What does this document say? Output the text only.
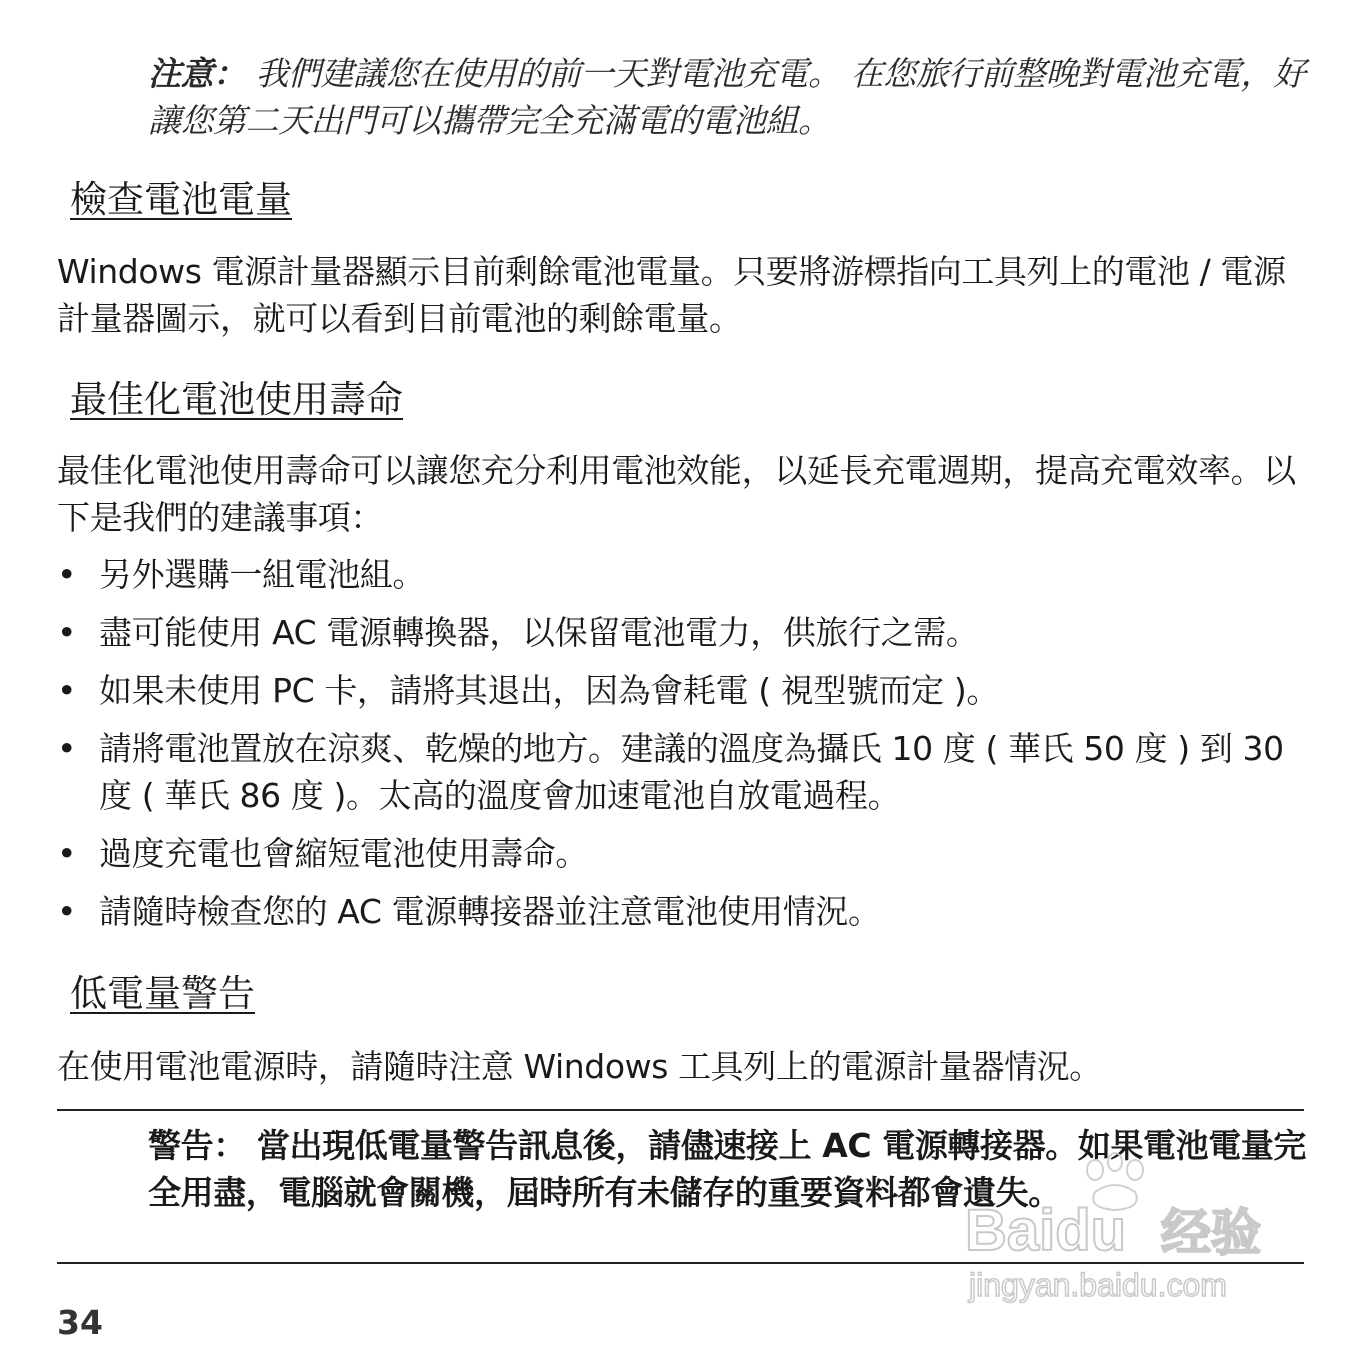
注意： 我們建議您在使用的前一天對電池充電。 在您旅行前整晚對電池充電，好讓您第二天出門可以攜帶完全充滿電的電池組。
檢查電池電量

Windows 電源計量器顯示目前剩餘電池電量。只要將游標指向工具列上的電池 / 電源計量器圖示，就可以看到目前電池的剩餘電量。

最佳化電池使用壽命

最佳化電池使用壽命可以讓您充分利用電池效能，以延長充電週期，提高充電效率。以下是我們的建議事項：

• 另外選購一組電池組。
• 盡可能使用 AC 電源轉換器，以保留電池電力，供旅行之需。
• 如果未使用 PC 卡，請將其退出，因為會耗電 ( 視型號而定 )。
• 請將電池置放在涼爽、乾燥的地方。建議的溫度為攝氏 10 度 ( 華氏 50 度 ) 到 30 度 ( 華氏 86 度 )。太高的溫度會加速電池自放電過程。
• 過度充電也會縮短電池使用壽命。
• 請隨時檢查您的 AC 電源轉接器並注意電池使用情況。
低電量警告

在使用電池電源時，請隨時注意 Windows 工具列上的電源計量器情況。

警告： 當出現低電量警告訊息後，請儘速接上 AC 電源轉接器。如果電池電量完全用盡，電腦就會關機，屆時所有未儲存的重要資料都會遺失。

34
Baidu 经验
jingyan.baidu.com
